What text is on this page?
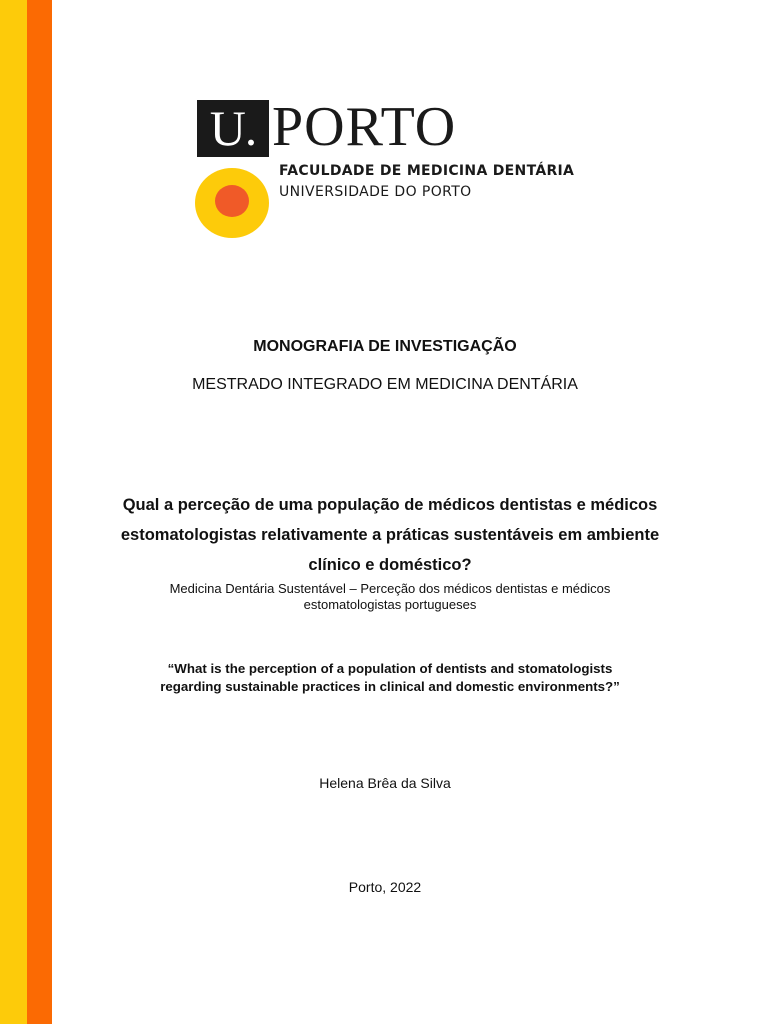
U. PORTO
FACULDADE DE MEDICINA DENTÁRIA
UNIVERSIDADE DO PORTO
MONOGRAFIA DE INVESTIGAÇÃO
MESTRADO INTEGRADO EM MEDICINA DENTÁRIA
Qual a perceção de uma população de médicos dentistas e médicos
estomatologistas relativamente a práticas sustentáveis em ambiente
clínico e doméstico?
Medicina Dentária Sustentável – Perceção dos médicos dentistas e médicos
estomatologistas portugueses
“What is the perception of a population of dentists and stomatologists
regarding sustainable practices in clinical and domestic environments?”
Helena Brêa da Silva
Porto, 2022
